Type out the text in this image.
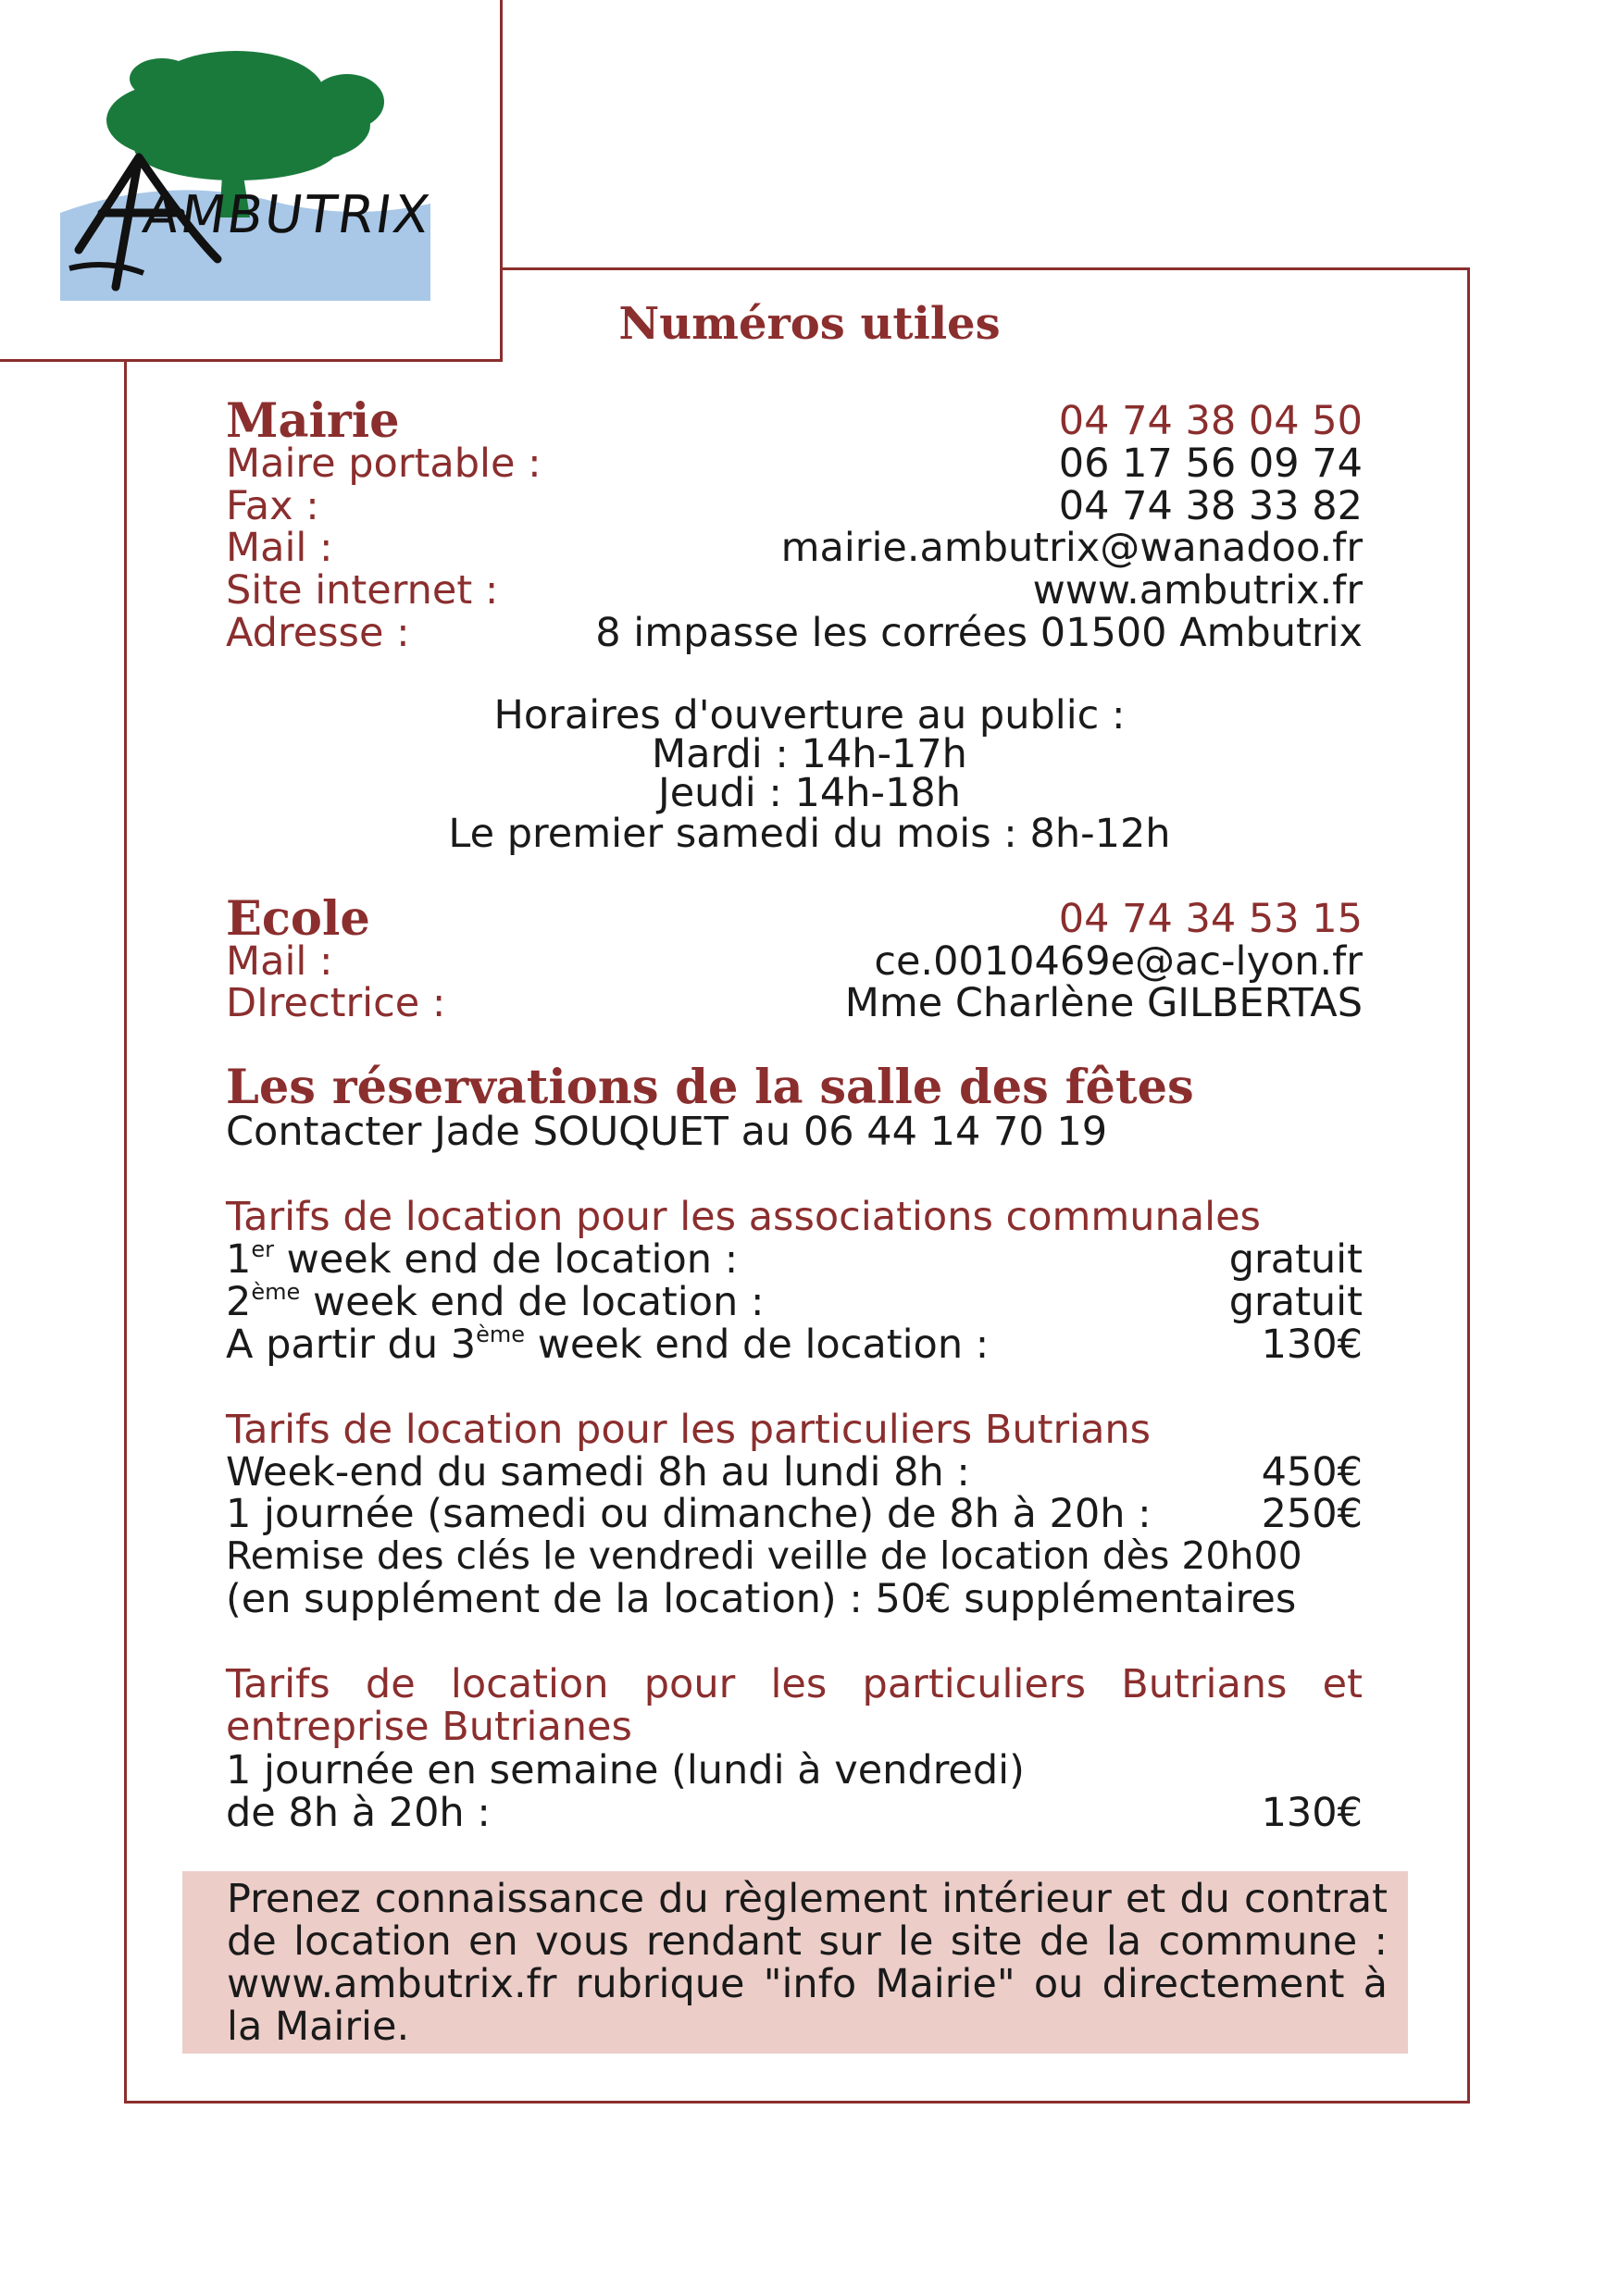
AMBUTRIX
Numéros utiles
Mairie	04 74 38 04 50
Maire portable :	06 17 56 09 74
Fax :	04 74 38 33 82
Mail :	mairie.ambutrix@wanadoo.fr
Site internet :	www.ambutrix.fr
Adresse :	8 impasse les corrées 01500 Ambutrix
Horaires d'ouverture au public :
Mardi : 14h-17h
Jeudi : 14h-18h
Le premier samedi du mois : 8h-12h
Ecole	04 74 34 53 15
Mail :	ce.0010469e@ac-lyon.fr
DIrectrice :	Mme Charlène GILBERTAS
Les réservations de la salle des fêtes
Contacter Jade SOUQUET au 06 44 14 70 19
Tarifs de location pour les associations communales
1er week end de location :	gratuit
2ème week end de location :	gratuit
A partir du 3ème week end de location :	130€
Tarifs de location pour les particuliers Butrians
Week-end du samedi 8h au lundi 8h :	450€
1 journée (samedi ou dimanche) de 8h à 20h :	250€
Remise des clés le vendredi veille de location dès 20h00
(en supplément de la location) : 50€ supplémentaires
Tarifs de location pour les particuliers Butrians et entreprise Butrianes
1 journée en semaine (lundi à vendredi)
de 8h à 20h :	130€

Prenez connaissance du règlement intérieur et du contrat de location en vous rendant sur le site de la commune : www.ambutrix.fr rubrique "info Mairie" ou directement à la Mairie.
